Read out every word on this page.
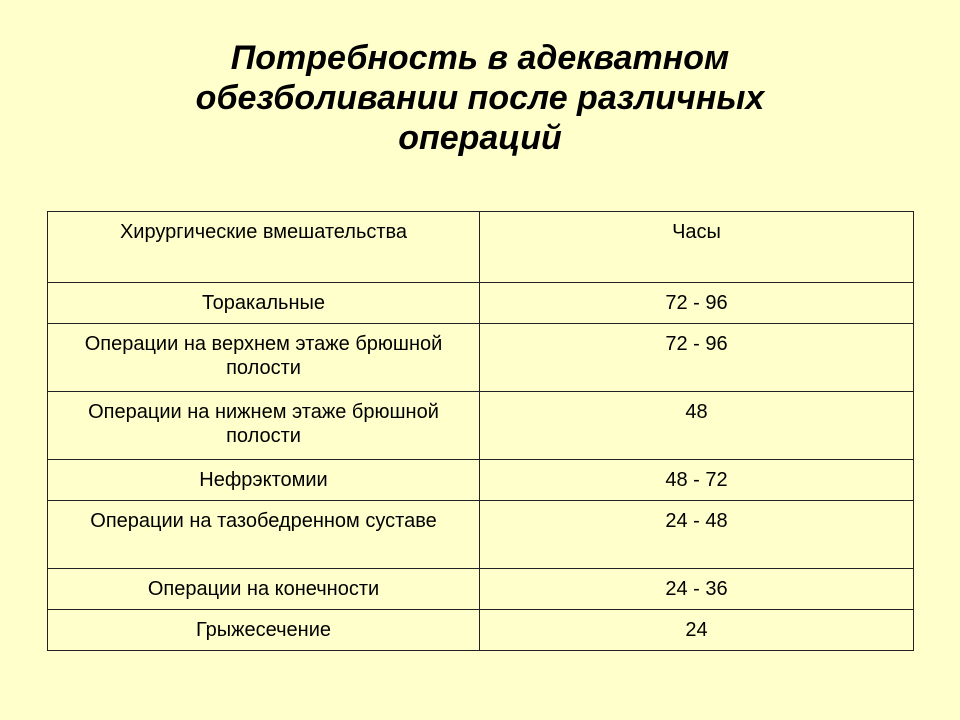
Потребность в адекватном
обезболивании после различных
операций
Хирургические вмешательства	Часы
Торакальные	72 - 96
Операции на верхнем этаже брюшной полости	72 - 96
Операции на нижнем этаже брюшной полости	48
Нефрэктомии	48 - 72
Операции на тазобедренном суставе	24 - 48
Операции на конечности	24 - 36
Грыжесечение	24
